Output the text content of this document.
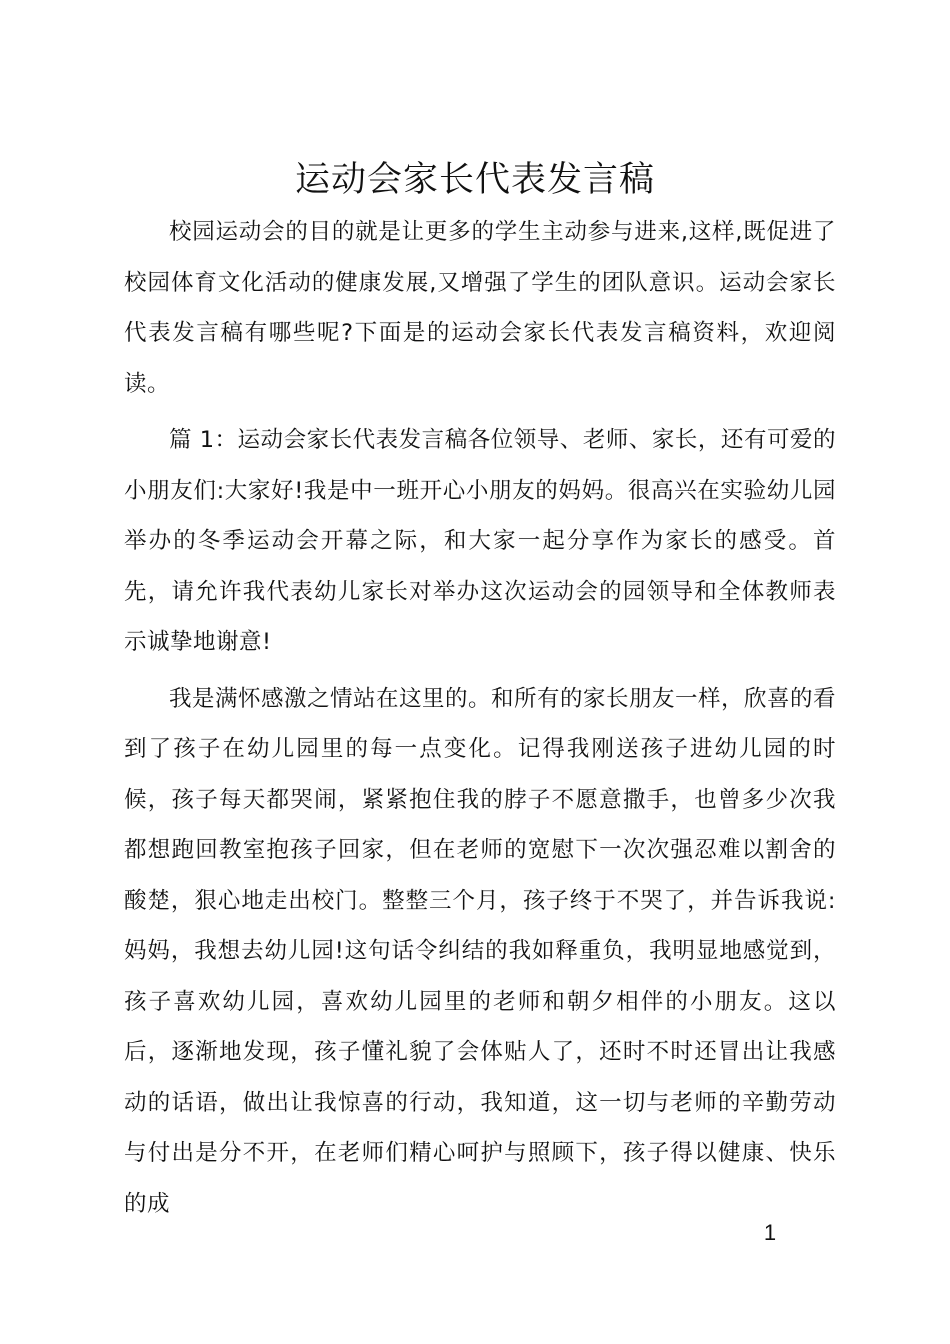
运动会家长代表发言稿

校园运动会的目的就是让更多的学生主动参与进来,这样,既促进了校园体育文化活动的健康发展,又增强了学生的团队意识。运动会家长代表发言稿有哪些呢?下面是的运动会家长代表发言稿资料，欢迎阅读。

篇 1：运动会家长代表发言稿各位领导、老师、家长，还有可爱的小朋友们:大家好!我是中一班开心小朋友的妈妈。很高兴在实验幼儿园举办的冬季运动会开幕之际，和大家一起分享作为家长的感受。首先，请允许我代表幼儿家长对举办这次运动会的园领导和全体教师表示诚挚地谢意!

我是满怀感激之情站在这里的。和所有的家长朋友一样，欣喜的看到了孩子在幼儿园里的每一点变化。记得我刚送孩子进幼儿园的时候，孩子每天都哭闹，紧紧抱住我的脖子不愿意撒手，也曾多少次我都想跑回教室抱孩子回家，但在老师的宽慰下一次次强忍难以割舍的酸楚，狠心地走出校门。整整三个月，孩子终于不哭了，并告诉我说:妈妈，我想去幼儿园!这句话令纠结的我如释重负，我明显地感觉到，孩子喜欢幼儿园，喜欢幼儿园里的老师和朝夕相伴的小朋友。这以后，逐渐地发现，孩子懂礼貌了会体贴人了，还时不时还冒出让我感动的话语，做出让我惊喜的行动，我知道，这一切与老师的辛勤劳动与付出是分不开，在老师们精心呵护与照顾下，孩子得以健康、快乐的成

1
